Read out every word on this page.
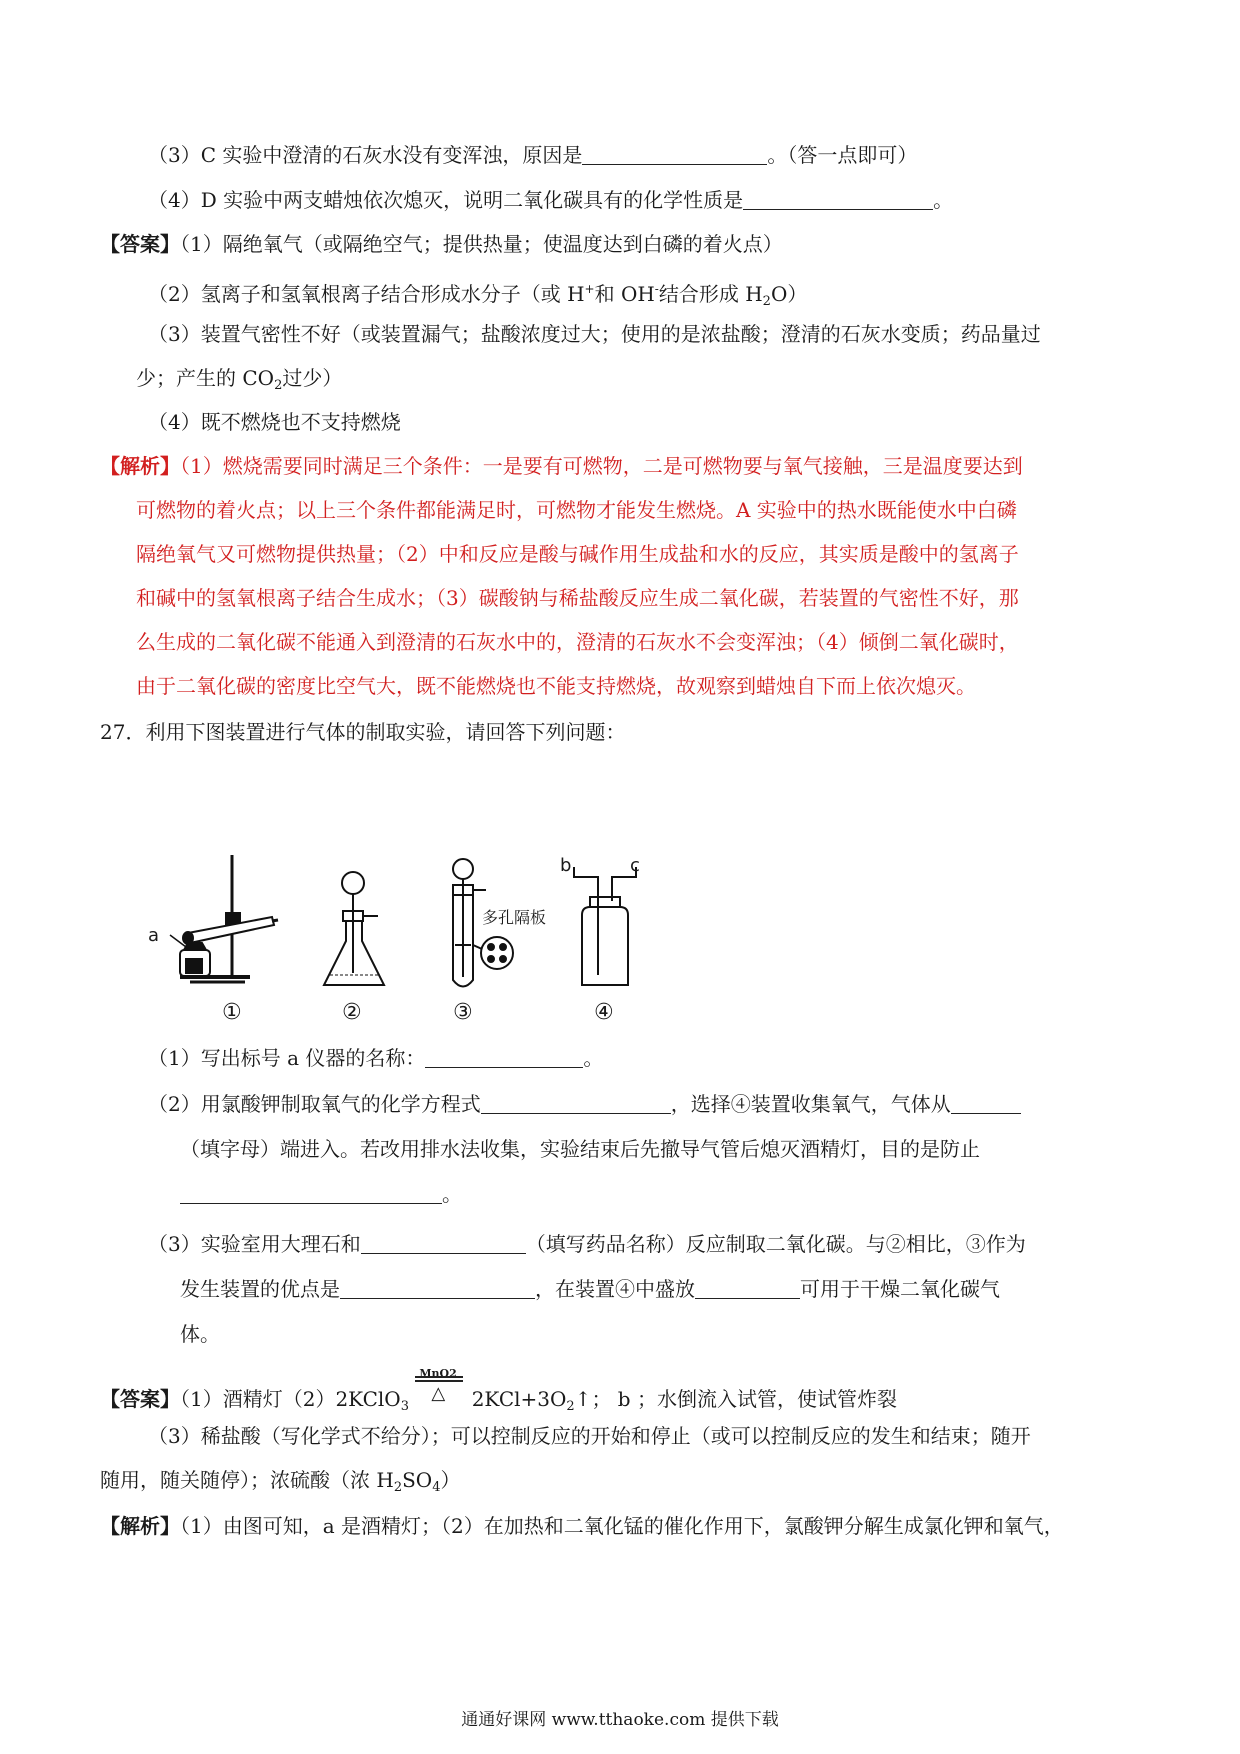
（3）C 实验中澄清的石灰水没有变浑浊，原因是	。（答一点即可）
（4）D 实验中两支蜡烛依次熄灭，说明二氧化碳具有的化学性质是	。
【答案】（1）隔绝氧气（或隔绝空气；提供热量；使温度达到白磷的着火点）
（2）氢离子和氢氧根离子结合形成水分子（或 H+和 OH-结合形成 $H_2O$）
（3）装置气密性不好（或装置漏气；盐酸浓度过大；使用的是浓盐酸；澄清的石灰水变质；药品量过
少；产生的 $CO_2$过少）
（4）既不燃烧也不支持燃烧
【解析】（1）燃烧需要同时满足三个条件：一是要有可燃物，二是可燃物要与氧气接触，三是温度要达到
可燃物的着火点；以上三个条件都能满足时，可燃物才能发生燃烧。A 实验中的热水既能使水中白磷
隔绝氧气又可燃物提供热量；（2）中和反应是酸与碱作用生成盐和水的反应，其实质是酸中的氢离子
和碱中的氢氧根离子结合生成水；（3）碳酸钠与稀盐酸反应生成二氧化碳，若装置的气密性不好，那
么生成的二氧化碳不能通入到澄清的石灰水中的，澄清的石灰水不会变浑浊；（4）倾倒二氧化碳时，
由于二氧化碳的密度比空气大，既不能燃烧也不能支持燃烧，故观察到蜡烛自下而上依次熄灭。
27．利用下图装置进行气体的制取实验，请回答下列问题：
a
b	c
多孔隔板
①	②	③	④
（1）写出标号 a 仪器的名称：	。
（2）用氯酸钾制取氧气的化学方程式	，选择④装置收集氧气，气体从
（填字母）端进入。若改用排水法收集，实验结束后先撤导气管后熄灭酒精灯，目的是防止
。
（3）实验室用大理石和	（填写药品名称）反应制取二氧化碳。与②相比，③作为
发生装置的优点是	，在装置④中盛放	可用于干燥二氧化碳气
体。
【答案】（1）酒精灯（2）2KClO$_3$
MnO2
△ $2KCl+3O_2↑$； b ；水倒流入试管，使试管炸裂
（3）稀盐酸（写化学式不给分）；可以控制反应的开始和停止（或可以控制反应的发生和结束；随开
随用，随关随停）；浓硫酸（浓 $H_2SO_4$）
【解析】（1）由图可知，a 是酒精灯；（2）在加热和二氧化锰的催化作用下，氯酸钾分解生成氯化钾和氧气，
通通好课网 www.tthaoke.com 提供下载
